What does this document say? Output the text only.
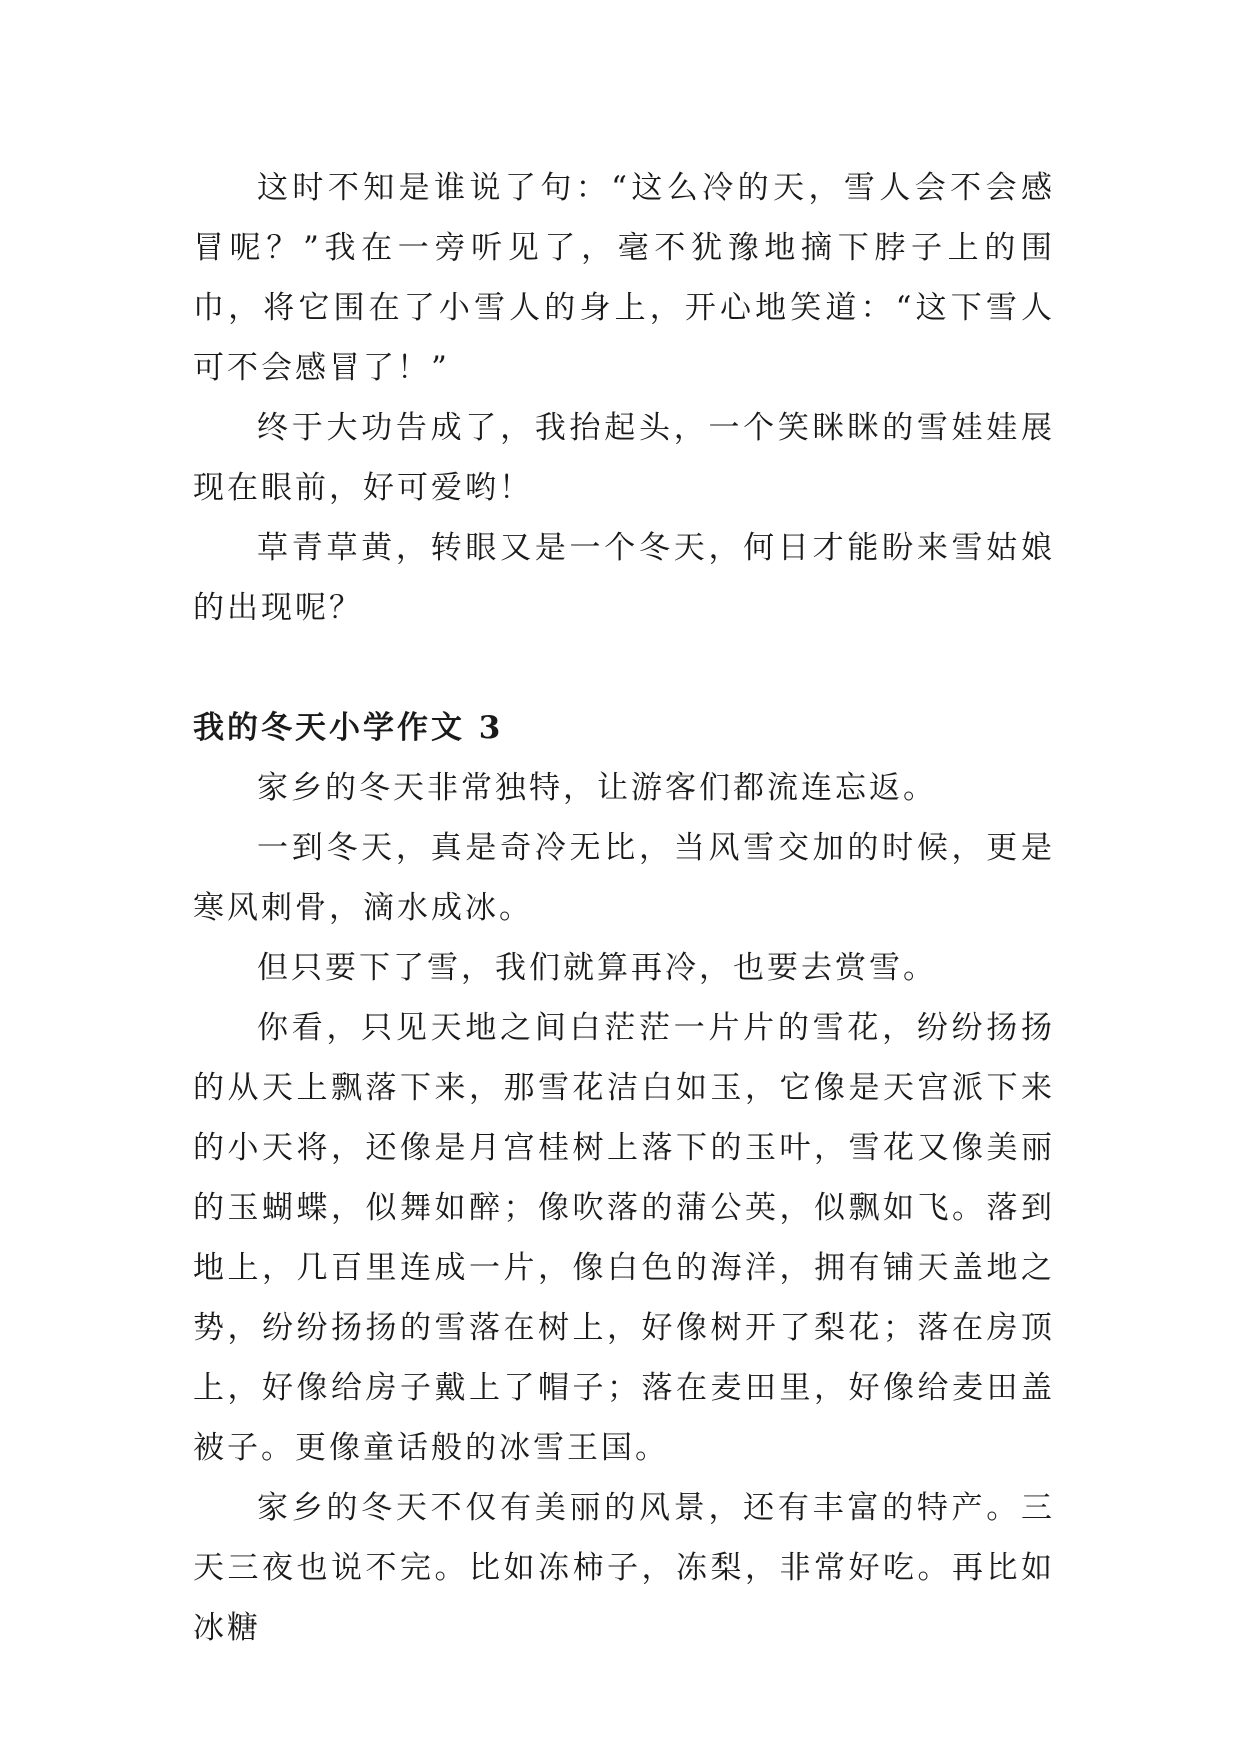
这时不知是谁说了句：“这么冷的天，雪人会不会感冒呢？”我在一旁听见了，毫不犹豫地摘下脖子上的围巾，将它围在了小雪人的身上，开心地笑道：“这下雪人可不会感冒了！”

终于大功告成了，我抬起头，一个笑眯眯的雪娃娃展现在眼前，好可爱哟！

草青草黄，转眼又是一个冬天，何日才能盼来雪姑娘的出现呢？

我的冬天小学作文 3

家乡的冬天非常独特，让游客们都流连忘返。

一到冬天，真是奇冷无比，当风雪交加的时候，更是寒风刺骨，滴水成冰。

但只要下了雪，我们就算再冷，也要去赏雪。

你看，只见天地之间白茫茫一片片的雪花，纷纷扬扬的从天上飘落下来，那雪花洁白如玉，它像是天宫派下来的小天将，还像是月宫桂树上落下的玉叶，雪花又像美丽的玉蝴蝶，似舞如醉；像吹落的蒲公英，似飘如飞。落到地上，几百里连成一片，像白色的海洋，拥有铺天盖地之势，纷纷扬扬的雪落在树上，好像树开了梨花；落在房顶上，好像给房子戴上了帽子；落在麦田里，好像给麦田盖被子。更像童话般的冰雪王国。

家乡的冬天不仅有美丽的风景，还有丰富的特产。三天三夜也说不完。比如冻柿子，冻梨，非常好吃。再比如冰糖
